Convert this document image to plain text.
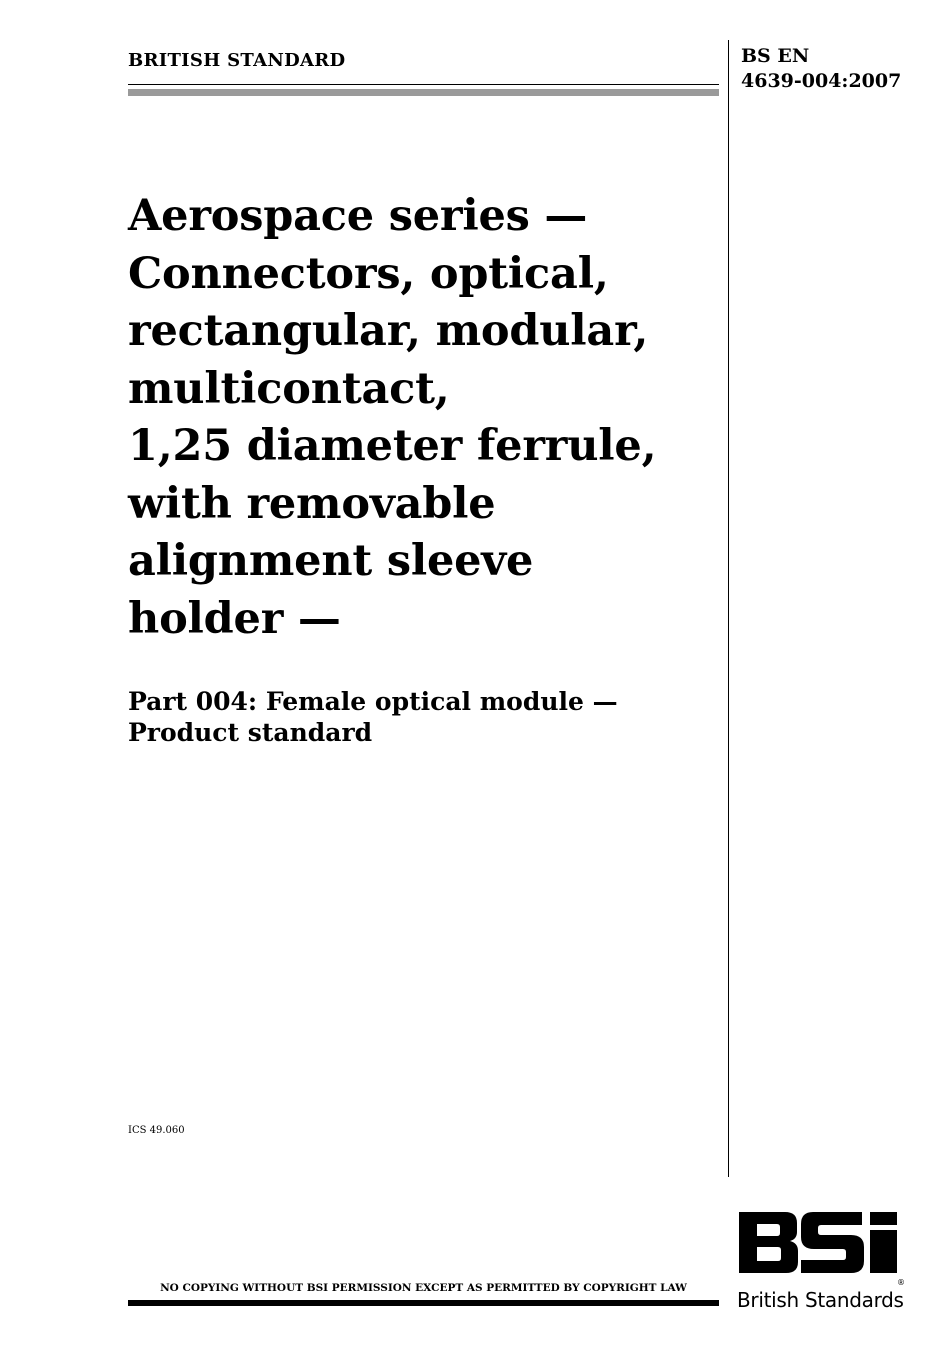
BRITISH STANDARD	BS EN
4639-004:2007
Aerospace series —
Connectors, optical,
rectangular, modular,
multicontact,
1,25 diameter ferrule,
with removable
alignment sleeve
holder —
Part 004: Female optical module —
Product standard
ICS 49.060
NO COPYING WITHOUT BSI PERMISSION EXCEPT AS PERMITTED BY COPYRIGHT LAW	®
British Standards
